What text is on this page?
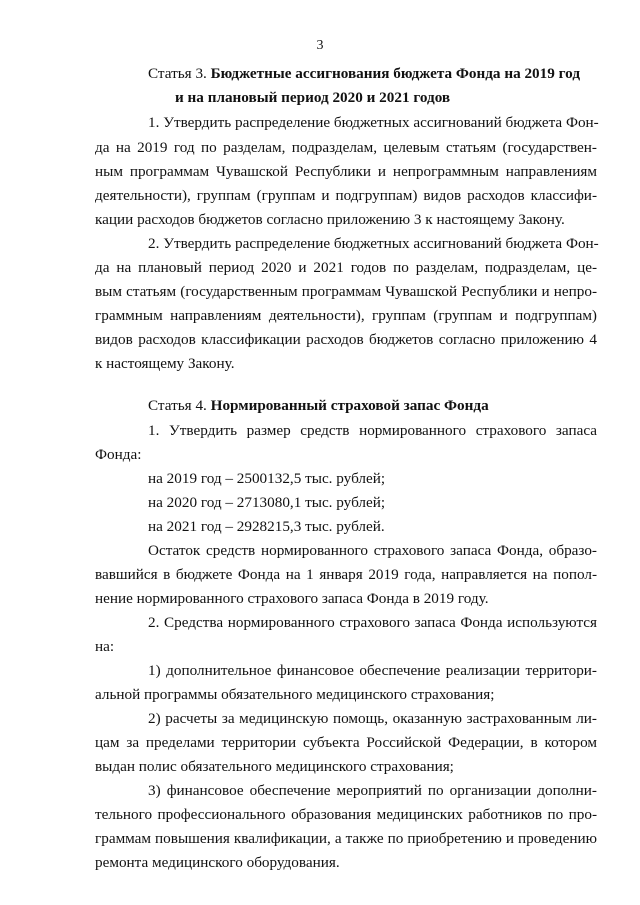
3
Статья 3. Бюджетные ассигнования бюджета Фонда на 2019 год
и на плановый период 2020 и 2021 годов
1. Утвердить распределение бюджетных ассигнований бюджета Фон-
да на 2019 год по разделам, подразделам, целевым статьям (государствен-
ным программам Чувашской Республики и непрограммным направлениям
деятельности), группам (группам и подгруппам) видов расходов классифи-
кации расходов бюджетов согласно приложению 3 к настоящему Закону.
2. Утвердить распределение бюджетных ассигнований бюджета Фон-
да на плановый период 2020 и 2021 годов по разделам, подразделам, це-
вым статьям (государственным программам Чувашской Республики и непро-
граммным направлениям деятельности), группам (группам и подгруппам)
видов расходов классификации расходов бюджетов согласно приложению 4
к настоящему Закону.
Статья 4. Нормированный страховой запас Фонда
1. Утвердить размер средств нормированного страхового запаса
Фонда:
на 2019 год – 2500132,5 тыс. рублей;
на 2020 год – 2713080,1 тыс. рублей;
на 2021 год – 2928215,3 тыс. рублей.
Остаток средств нормированного страхового запаса Фонда, образо-
вавшийся в бюджете Фонда на 1 января 2019 года, направляется на попол-
нение нормированного страхового запаса Фонда в 2019 году.
2. Средства нормированного страхового запаса Фонда используются
на:
1) дополнительное финансовое обеспечение реализации территори-
альной программы обязательного медицинского страхования;
2) расчеты за медицинскую помощь, оказанную застрахованным ли-
цам за пределами территории субъекта Российской Федерации, в котором
выдан полис обязательного медицинского страхования;
3) финансовое обеспечение мероприятий по организации дополни-
тельного профессионального образования медицинских работников по про-
граммам повышения квалификации, а также по приобретению и проведению
ремонта медицинского оборудования.
